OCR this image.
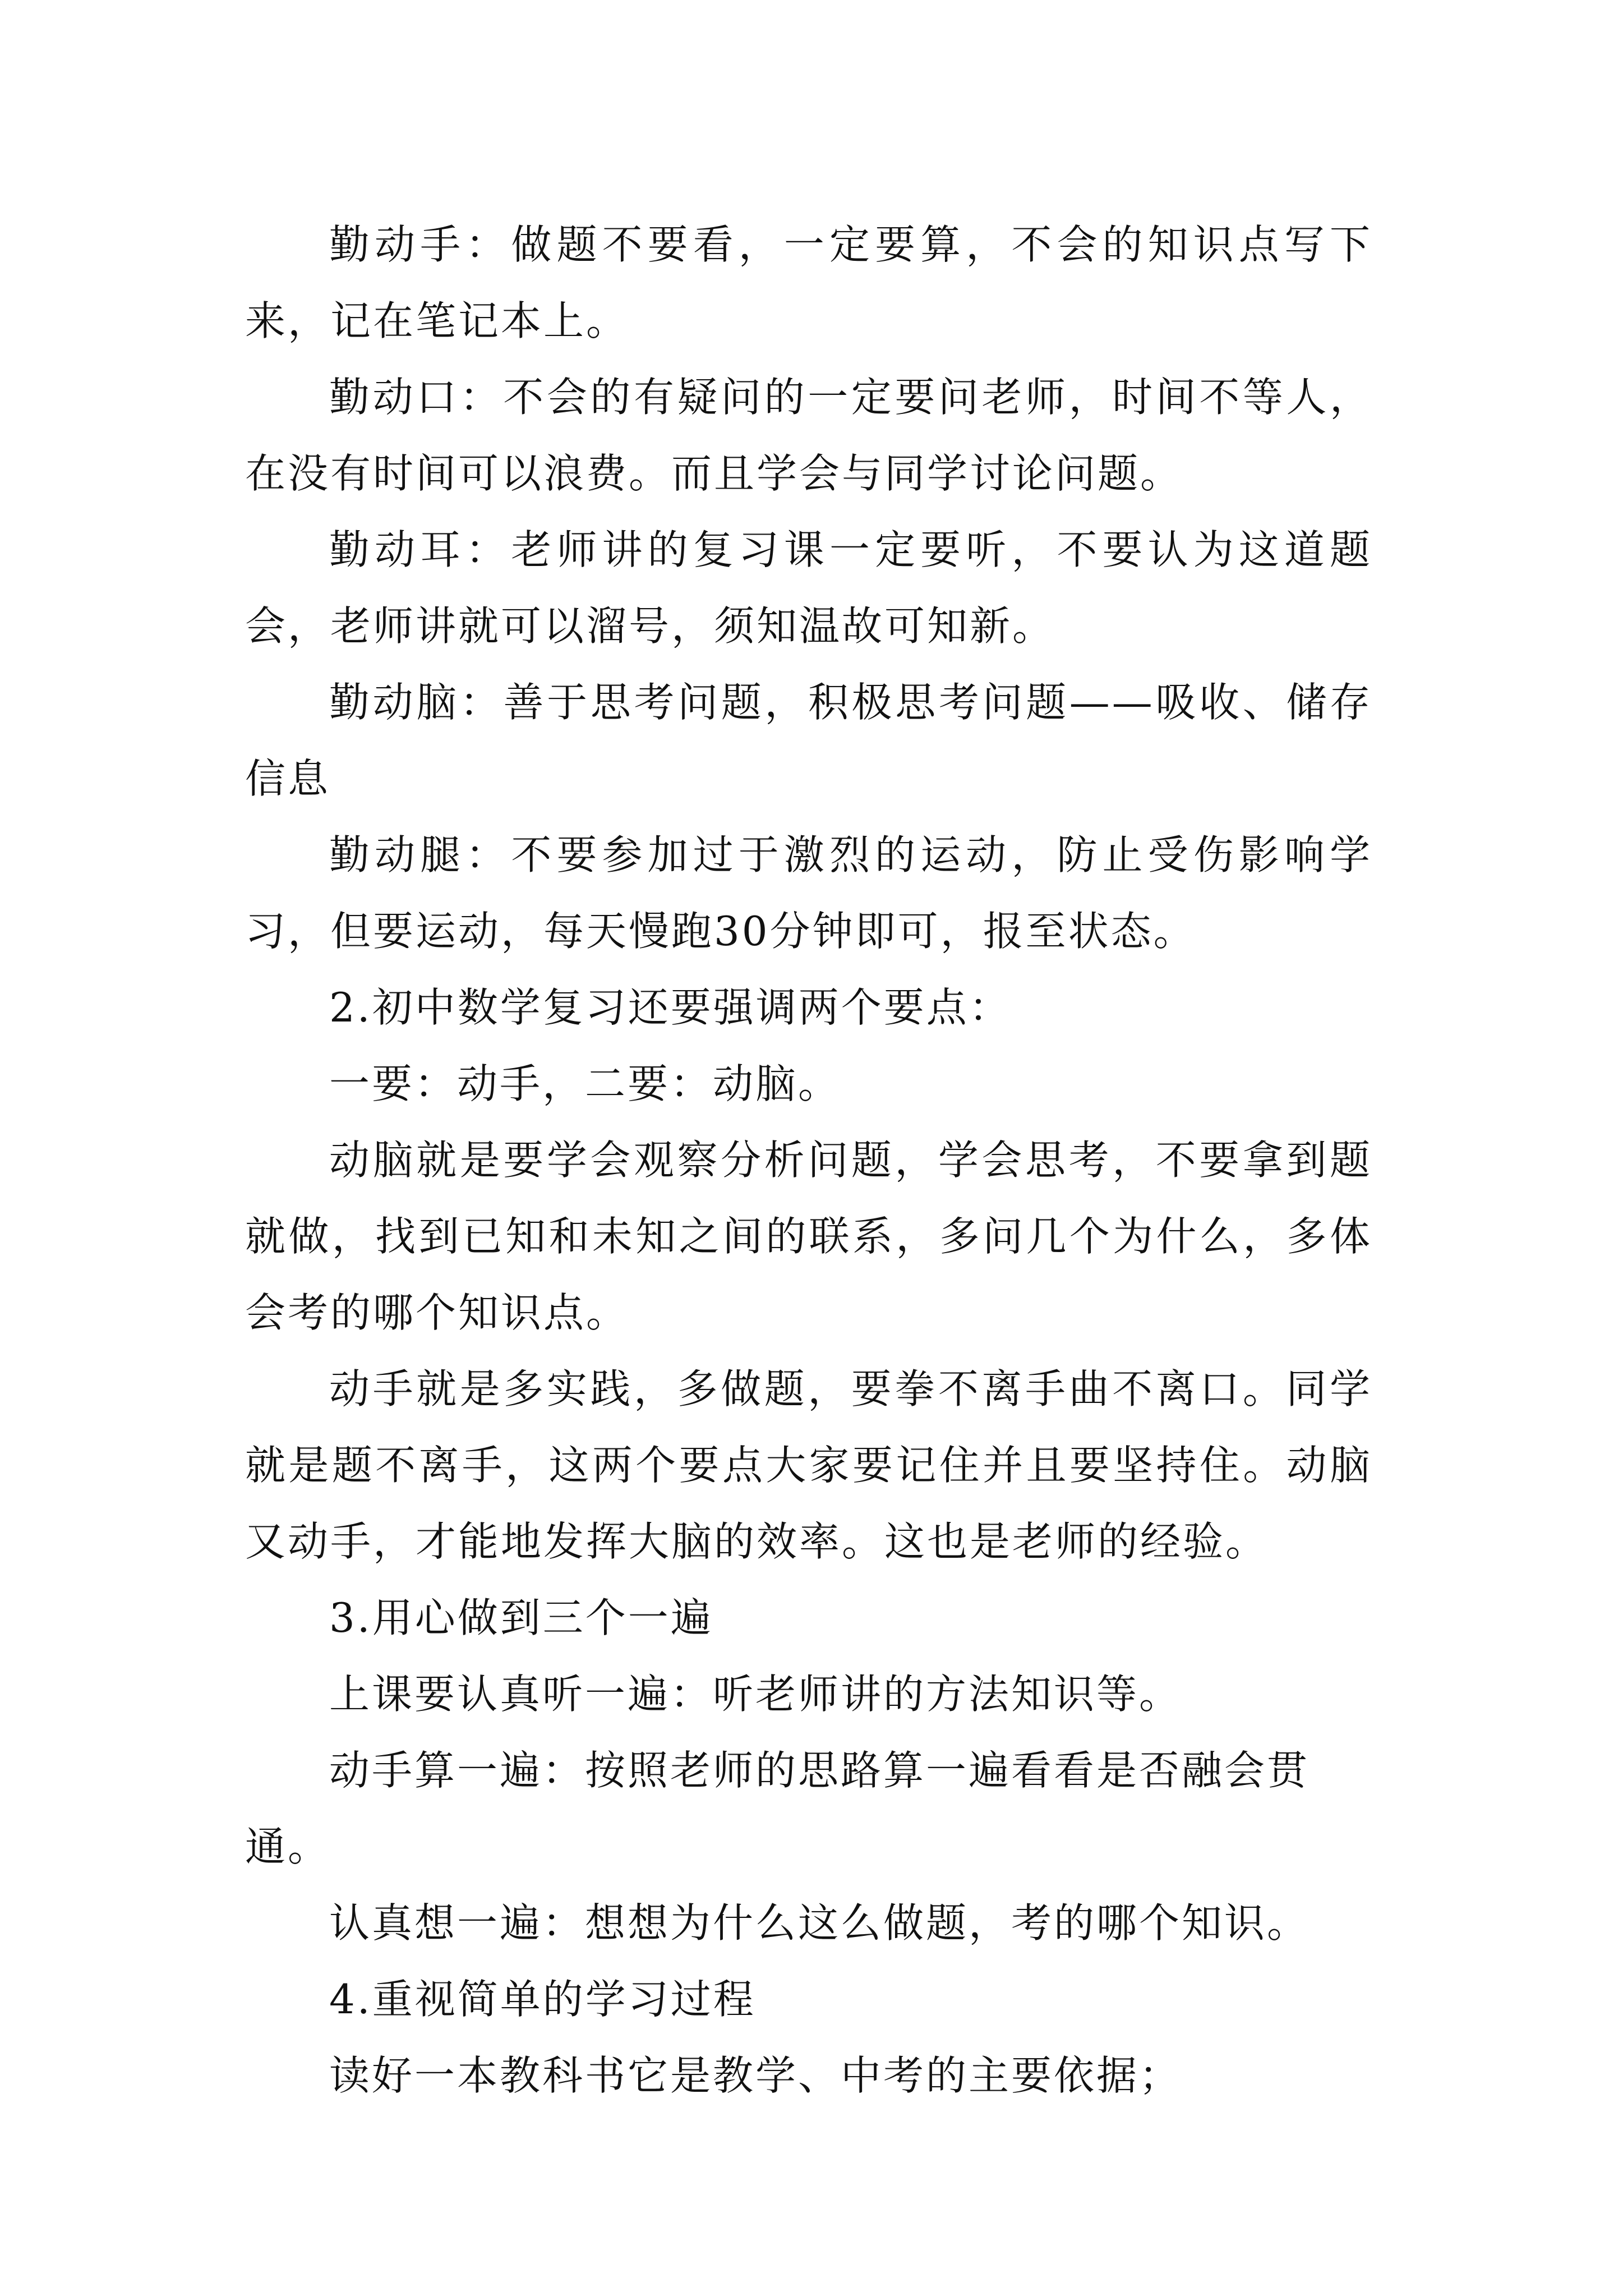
勤动手：做题不要看，一定要算，不会的知识点写下来，记在笔记本上。

勤动口：不会的有疑问的一定要问老师，时间不等人，在没有时间可以浪费。而且学会与同学讨论问题。

勤动耳：老师讲的复习课一定要听，不要认为这道题会，老师讲就可以溜号，须知温故可知新。

勤动脑：善于思考问题，积极思考问题——吸收、储存信息

勤动腿：不要参加过于激烈的运动，防止受伤影响学习，但要运动，每天慢跑30分钟即可，报至状态。

2.初中数学复习还要强调两个要点：

一要：动手，二要：动脑。

动脑就是要学会观察分析问题，学会思考，不要拿到题就做，找到已知和未知之间的联系，多问几个为什么，多体会考的哪个知识点。

动手就是多实践，多做题，要拳不离手曲不离口。同学就是题不离手，这两个要点大家要记住并且要坚持住。动脑又动手，才能地发挥大脑的效率。这也是老师的经验。

3.用心做到三个一遍

上课要认真听一遍：听老师讲的方法知识等。

动手算一遍：按照老师的思路算一遍看看是否融会贯通。

认真想一遍：想想为什么这么做题，考的哪个知识。

4.重视简单的学习过程

读好一本教科书它是教学、中考的主要依据；
